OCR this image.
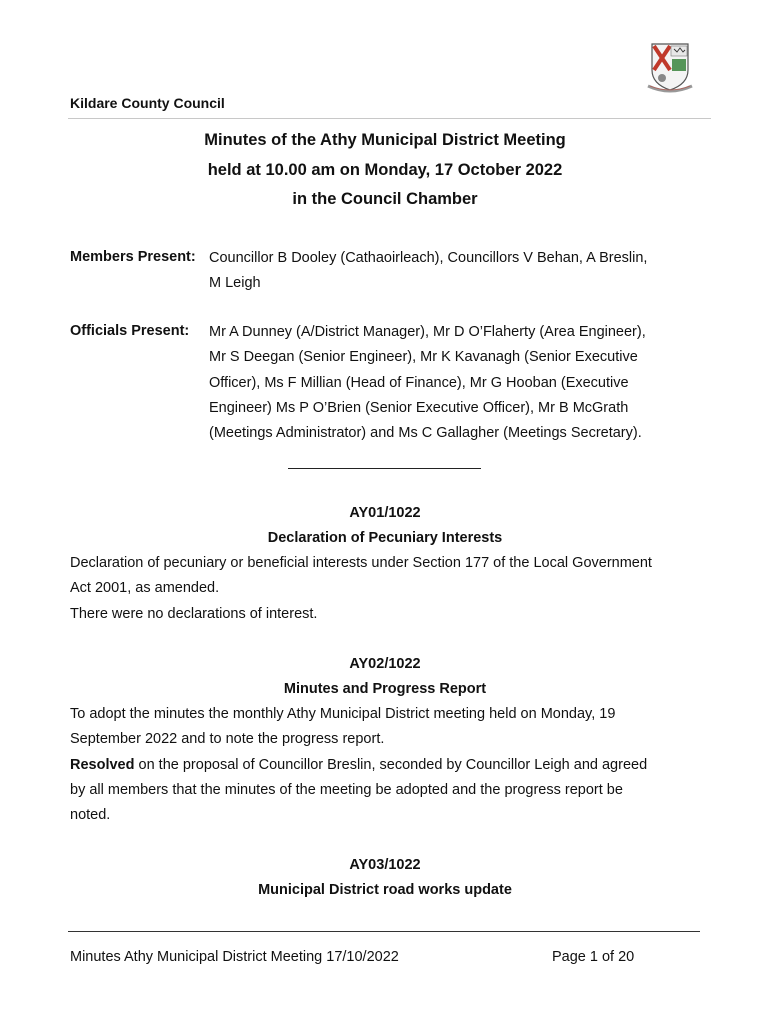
Kildare County Council
Minutes of the Athy Municipal District Meeting
held at 10.00 am on Monday, 17 October 2022
in the Council Chamber
Members Present: Councillor B Dooley (Cathaoirleach), Councillors V Behan, A Breslin,
M Leigh
Officials Present: Mr A Dunney (A/District Manager), Mr D O’Flaherty (Area Engineer),
Mr S Deegan (Senior Engineer), Mr K Kavanagh (Senior Executive
Officer), Ms F Millian (Head of Finance), Mr G Hooban (Executive
Engineer) Ms P O’Brien (Senior Executive Officer), Mr B McGrath
(Meetings Administrator) and Ms C Gallagher (Meetings Secretary).
AY01/1022
Declaration of Pecuniary Interests
Declaration of pecuniary or beneficial interests under Section 177 of the Local Government
Act 2001, as amended.
There were no declarations of interest.
AY02/1022
Minutes and Progress Report
To adopt the minutes the monthly Athy Municipal District meeting held on Monday, 19
September 2022 and to note the progress report.
Resolved on the proposal of Councillor Breslin, seconded by Councillor Leigh and agreed
by all members that the minutes of the meeting be adopted and the progress report be
noted.
AY03/1022
Municipal District road works update
Minutes Athy Municipal District Meeting 17/10/2022	Page 1 of 20
